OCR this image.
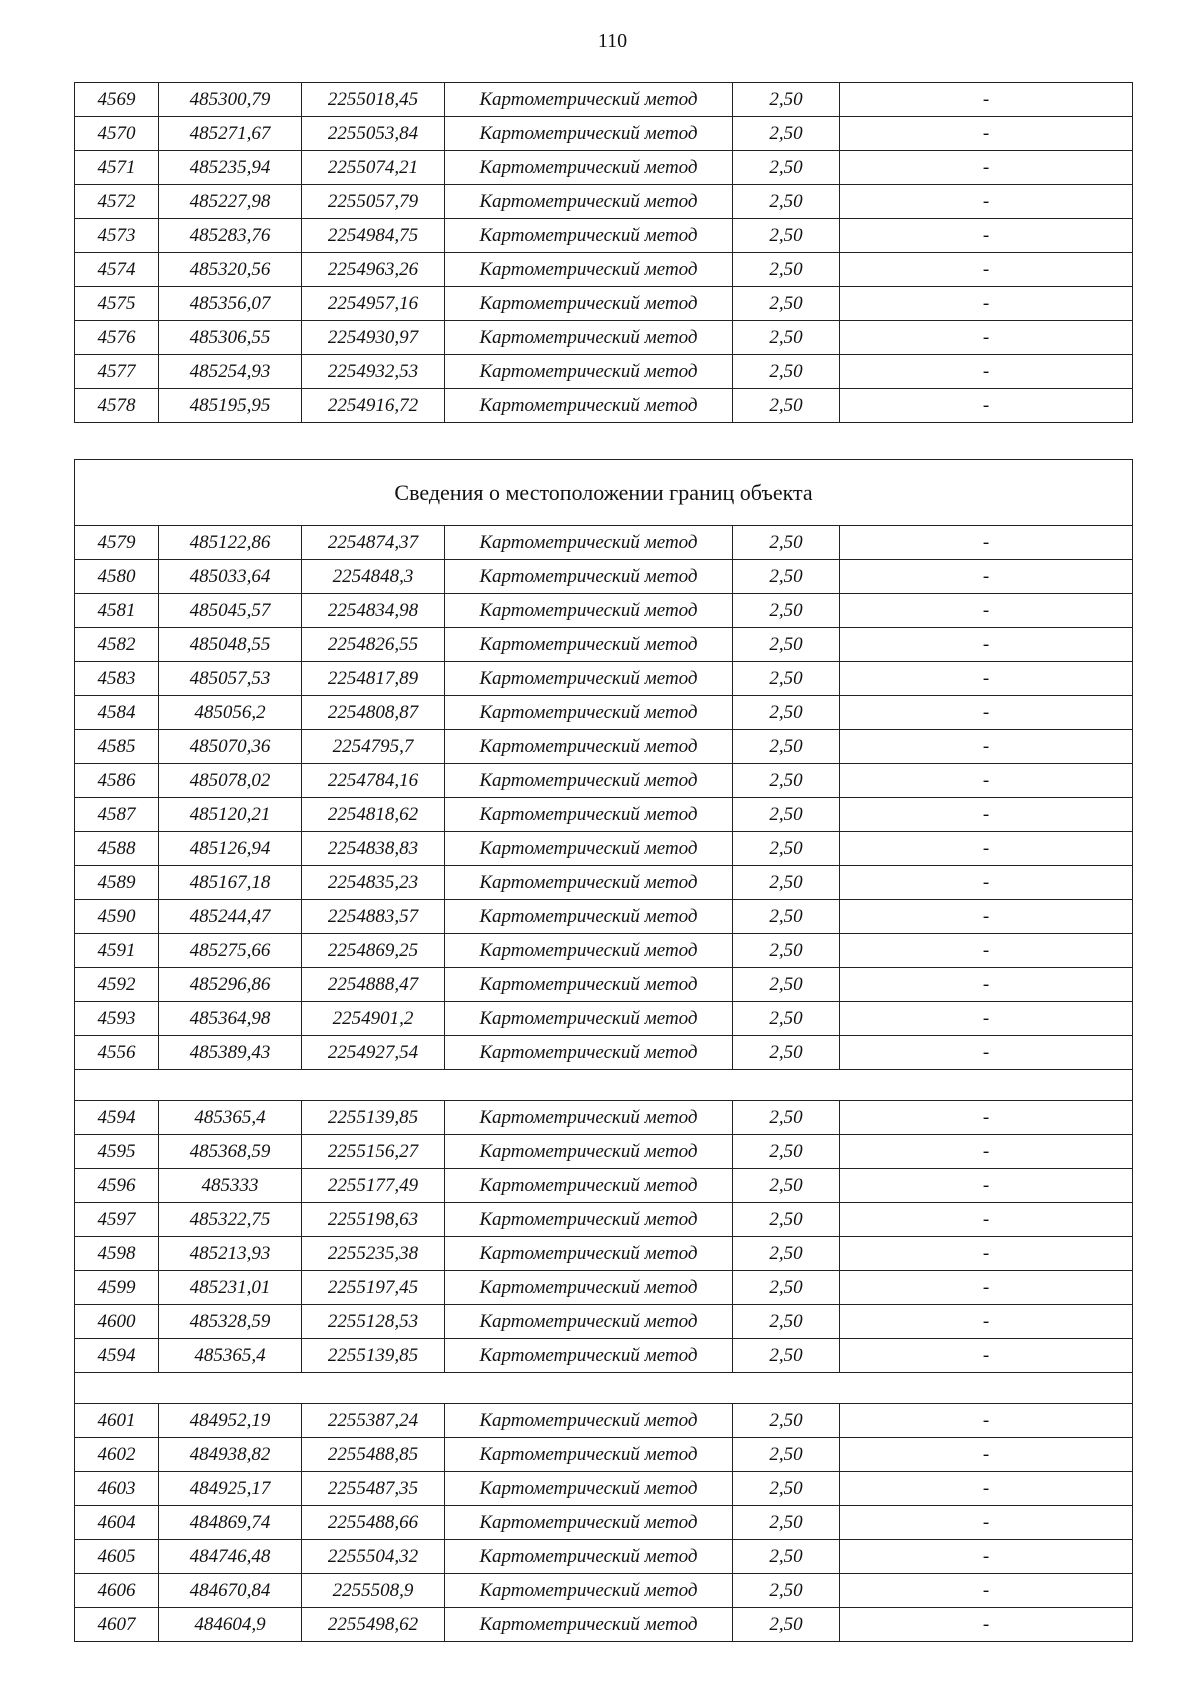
110
4569	485300,79	2255018,45	Картометрический метод	2,50	-
4570	485271,67	2255053,84	Картометрический метод	2,50	-
4571	485235,94	2255074,21	Картометрический метод	2,50	-
4572	485227,98	2255057,79	Картометрический метод	2,50	-
4573	485283,76	2254984,75	Картометрический метод	2,50	-
4574	485320,56	2254963,26	Картометрический метод	2,50	-
4575	485356,07	2254957,16	Картометрический метод	2,50	-
4576	485306,55	2254930,97	Картометрический метод	2,50	-
4577	485254,93	2254932,53	Картометрический метод	2,50	-
4578	485195,95	2254916,72	Картометрический метод	2,50	-
Сведения о местоположении границ объекта					
4579	485122,86	2254874,37	Картометрический метод	2,50	-
4580	485033,64	2254848,3	Картометрический метод	2,50	-
4581	485045,57	2254834,98	Картометрический метод	2,50	-
4582	485048,55	2254826,55	Картометрический метод	2,50	-
4583	485057,53	2254817,89	Картометрический метод	2,50	-
4584	485056,2	2254808,87	Картометрический метод	2,50	-
4585	485070,36	2254795,7	Картометрический метод	2,50	-
4586	485078,02	2254784,16	Картометрический метод	2,50	-
4587	485120,21	2254818,62	Картометрический метод	2,50	-
4588	485126,94	2254838,83	Картометрический метод	2,50	-
4589	485167,18	2254835,23	Картометрический метод	2,50	-
4590	485244,47	2254883,57	Картометрический метод	2,50	-
4591	485275,66	2254869,25	Картометрический метод	2,50	-
4592	485296,86	2254888,47	Картометрический метод	2,50	-
4593	485364,98	2254901,2	Картометрический метод	2,50	-
4556	485389,43	2254927,54	Картометрический метод	2,50	-

4594	485365,4	2255139,85	Картометрический метод	2,50	-
4595	485368,59	2255156,27	Картометрический метод	2,50	-
4596	485333	2255177,49	Картометрический метод	2,50	-
4597	485322,75	2255198,63	Картометрический метод	2,50	-
4598	485213,93	2255235,38	Картометрический метод	2,50	-
4599	485231,01	2255197,45	Картометрический метод	2,50	-
4600	485328,59	2255128,53	Картометрический метод	2,50	-
4594	485365,4	2255139,85	Картометрический метод	2,50	-

4601	484952,19	2255387,24	Картометрический метод	2,50	-
4602	484938,82	2255488,85	Картометрический метод	2,50	-
4603	484925,17	2255487,35	Картометрический метод	2,50	-
4604	484869,74	2255488,66	Картометрический метод	2,50	-
4605	484746,48	2255504,32	Картометрический метод	2,50	-
4606	484670,84	2255508,9	Картометрический метод	2,50	-
4607	484604,9	2255498,62	Картометрический метод	2,50	-
